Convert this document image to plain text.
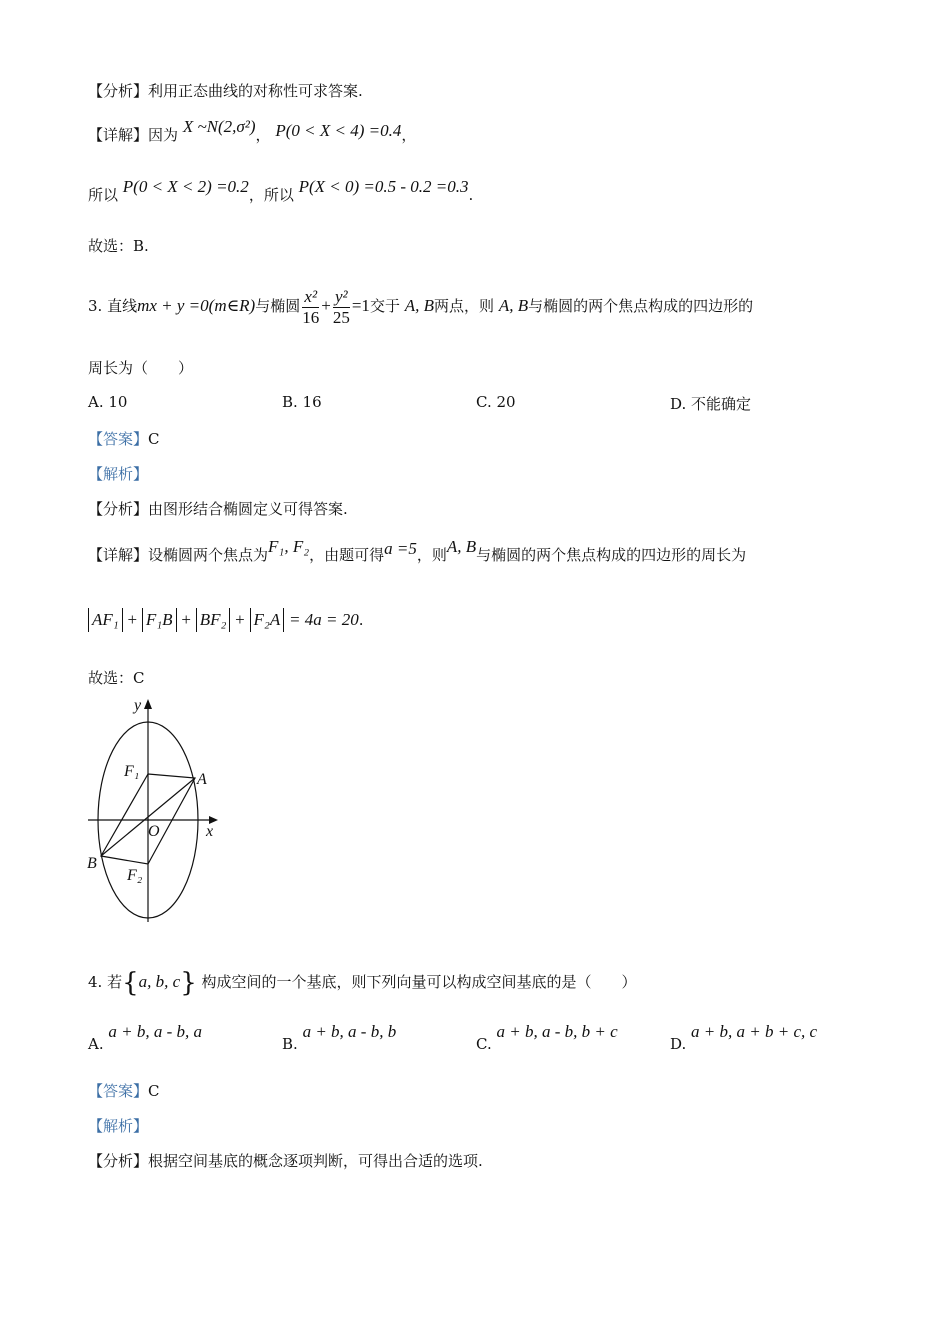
【分析】利用正态曲线的对称性可求答案.
【详解】因为 X ~N(2,σ²)， P(0 < X < 4) =0.4，
所以 P(0 < X < 2) =0.2，所以 P(X < 0) =0.5 - 0.2 =0.3.
故选：B.
3. 直线mx + y =0(m∈R)与椭圆 $\frac{\text{x²}}{16} + \frac{\text{y²}}{25} =1$交于 A, B两点，则 A, B与椭圆的两个焦点构成的四边形的
周长为（　　）
A. 10	B. 16	C. 20	D. 不能确定
【答案】C
【解析】
【分析】由图形结合椭圆定义可得答案.
【详解】设椭圆两个焦点为F₁, F₂，由题可得a =5，则A, B与椭圆的两个焦点构成的四边形的周长为
AF₁ + F₁B + BF₂ + F₂A = 4a = 20.
故选：C
y
x
O
F₁
F₂
A
B
4. 若{a, b, c} 构成空间的一个基底，则下列向量可以构成空间基底的是（　　）
A. a + b, a - b, a
B. a + b, a - b, b
C. a + b, a - b, b + c
D. a + b, a + b + c, c
【答案】C
【解析】
【分析】根据空间基底的概念逐项判断，可得出合适的选项.
